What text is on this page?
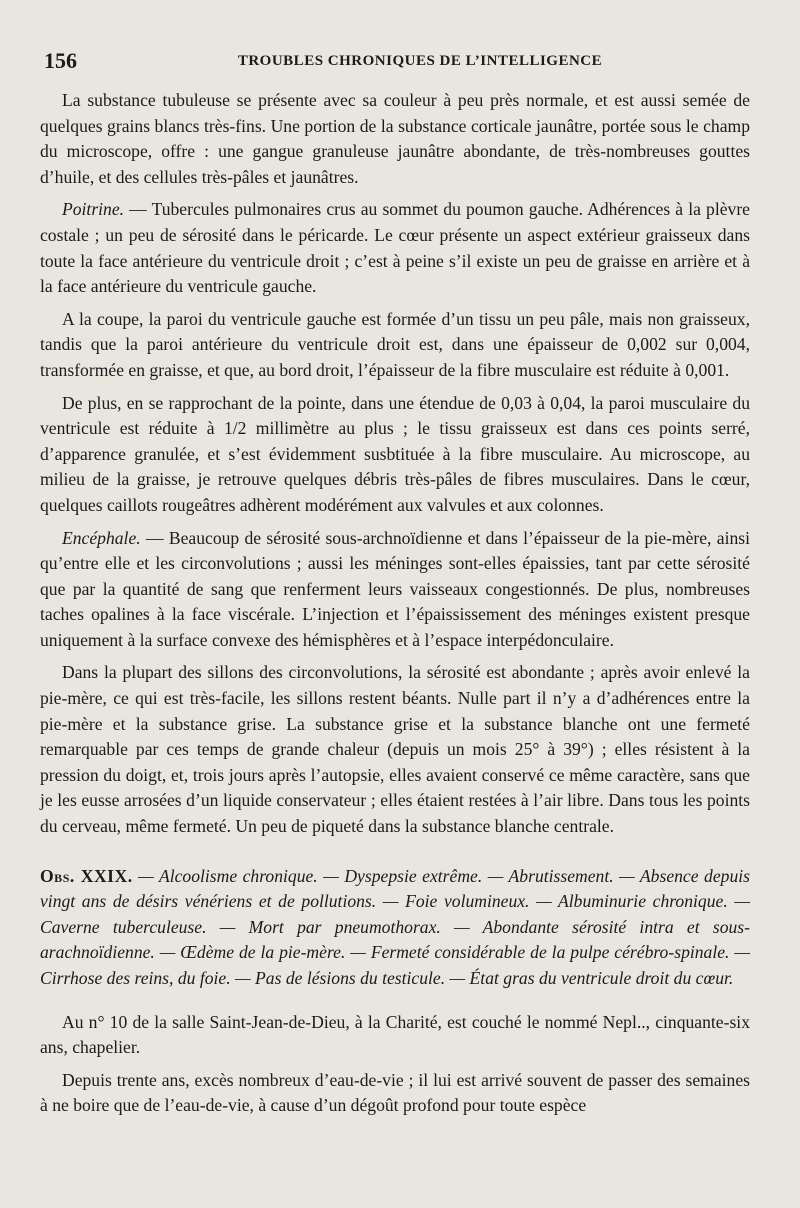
156	TROUBLES CHRONIQUES DE L’INTELLIGENCE

La substance tubuleuse se présente avec sa couleur à peu près normale, et est aussi semée de quelques grains blancs très-fins. Une portion de la substance corticale jaunâtre, portée sous le champ du microscope, offre : une gangue granuleuse jaunâtre abondante, de très-nombreuses gouttes d’huile, et des cellules très-pâles et jaunâtres.

Poitrine. — Tubercules pulmonaires crus au sommet du poumon gauche. Adhérences à la plèvre costale ; un peu de sérosité dans le péricarde. Le cœur présente un aspect extérieur graisseux dans toute la face antérieure du ventricule droit ; c’est à peine s’il existe un peu de graisse en arrière et à la face antérieure du ventricule gauche.

A la coupe, la paroi du ventricule gauche est formée d’un tissu un peu pâle, mais non graisseux, tandis que la paroi antérieure du ventricule droit est, dans une épaisseur de 0,002 sur 0,004, transformée en graisse, et que, au bord droit, l’épaisseur de la fibre musculaire est réduite à 0,001.

De plus, en se rapprochant de la pointe, dans une étendue de 0,03 à 0,04, la paroi musculaire du ventricule est réduite à 1/2 millimètre au plus ; le tissu graisseux est dans ces points serré, d’apparence granulée, et s’est évidemment susbtituée à la fibre musculaire. Au microscope, au milieu de la graisse, je retrouve quelques débris très-pâles de fibres musculaires. Dans le cœur, quelques caillots rougeâtres adhèrent modérément aux valvules et aux colonnes.

Encéphale. — Beaucoup de sérosité sous-archnoïdienne et dans l’épaisseur de la pie-mère, ainsi qu’entre elle et les circonvolutions ; aussi les méninges sont-elles épaissies, tant par cette sérosité que par la quantité de sang que renferment leurs vaisseaux congestionnés. De plus, nombreuses taches opalines à la face viscérale. L’injection et l’épaississement des méninges existent presque uniquement à la surface convexe des hémisphères et à l’espace interpédonculaire.

Dans la plupart des sillons des circonvolutions, la sérosité est abondante ; après avoir enlevé la pie-mère, ce qui est très-facile, les sillons restent béants. Nulle part il n’y a d’adhérences entre la pie-mère et la substance grise. La substance grise et la substance blanche ont une fermeté remarquable par ces temps de grande chaleur (depuis un mois 25° à 39°) ; elles résistent à la pression du doigt, et, trois jours après l’autopsie, elles avaient conservé ce même caractère, sans que je les eusse arrosées d’un liquide conservateur ; elles étaient restées à l’air libre. Dans tous les points du cerveau, même fermeté. Un peu de piqueté dans la substance blanche centrale.

Obs. XXIX. — Alcoolisme chronique. — Dyspepsie extrême. — Abrutissement. — Absence depuis vingt ans de désirs vénériens et de pollutions. — Foie volumineux. — Albuminurie chronique. — Caverne tuberculeuse. — Mort par pneumothorax. — Abondante sérosité intra et sous-arachnoïdienne. — Œdème de la pie-mère. — Fermeté considérable de la pulpe cérébro-spinale. — Cirrhose des reins, du foie. — Pas de lésions du testicule. — État gras du ventricule droit du cœur.

Au n° 10 de la salle Saint-Jean-de-Dieu, à la Charité, est couché le nommé Nepl.., cinquante-six ans, chapelier.

Depuis trente ans, excès nombreux d’eau-de-vie ; il lui est arrivé souvent de passer des semaines à ne boire que de l’eau-de-vie, à cause d’un dégoût profond pour toute espèce
